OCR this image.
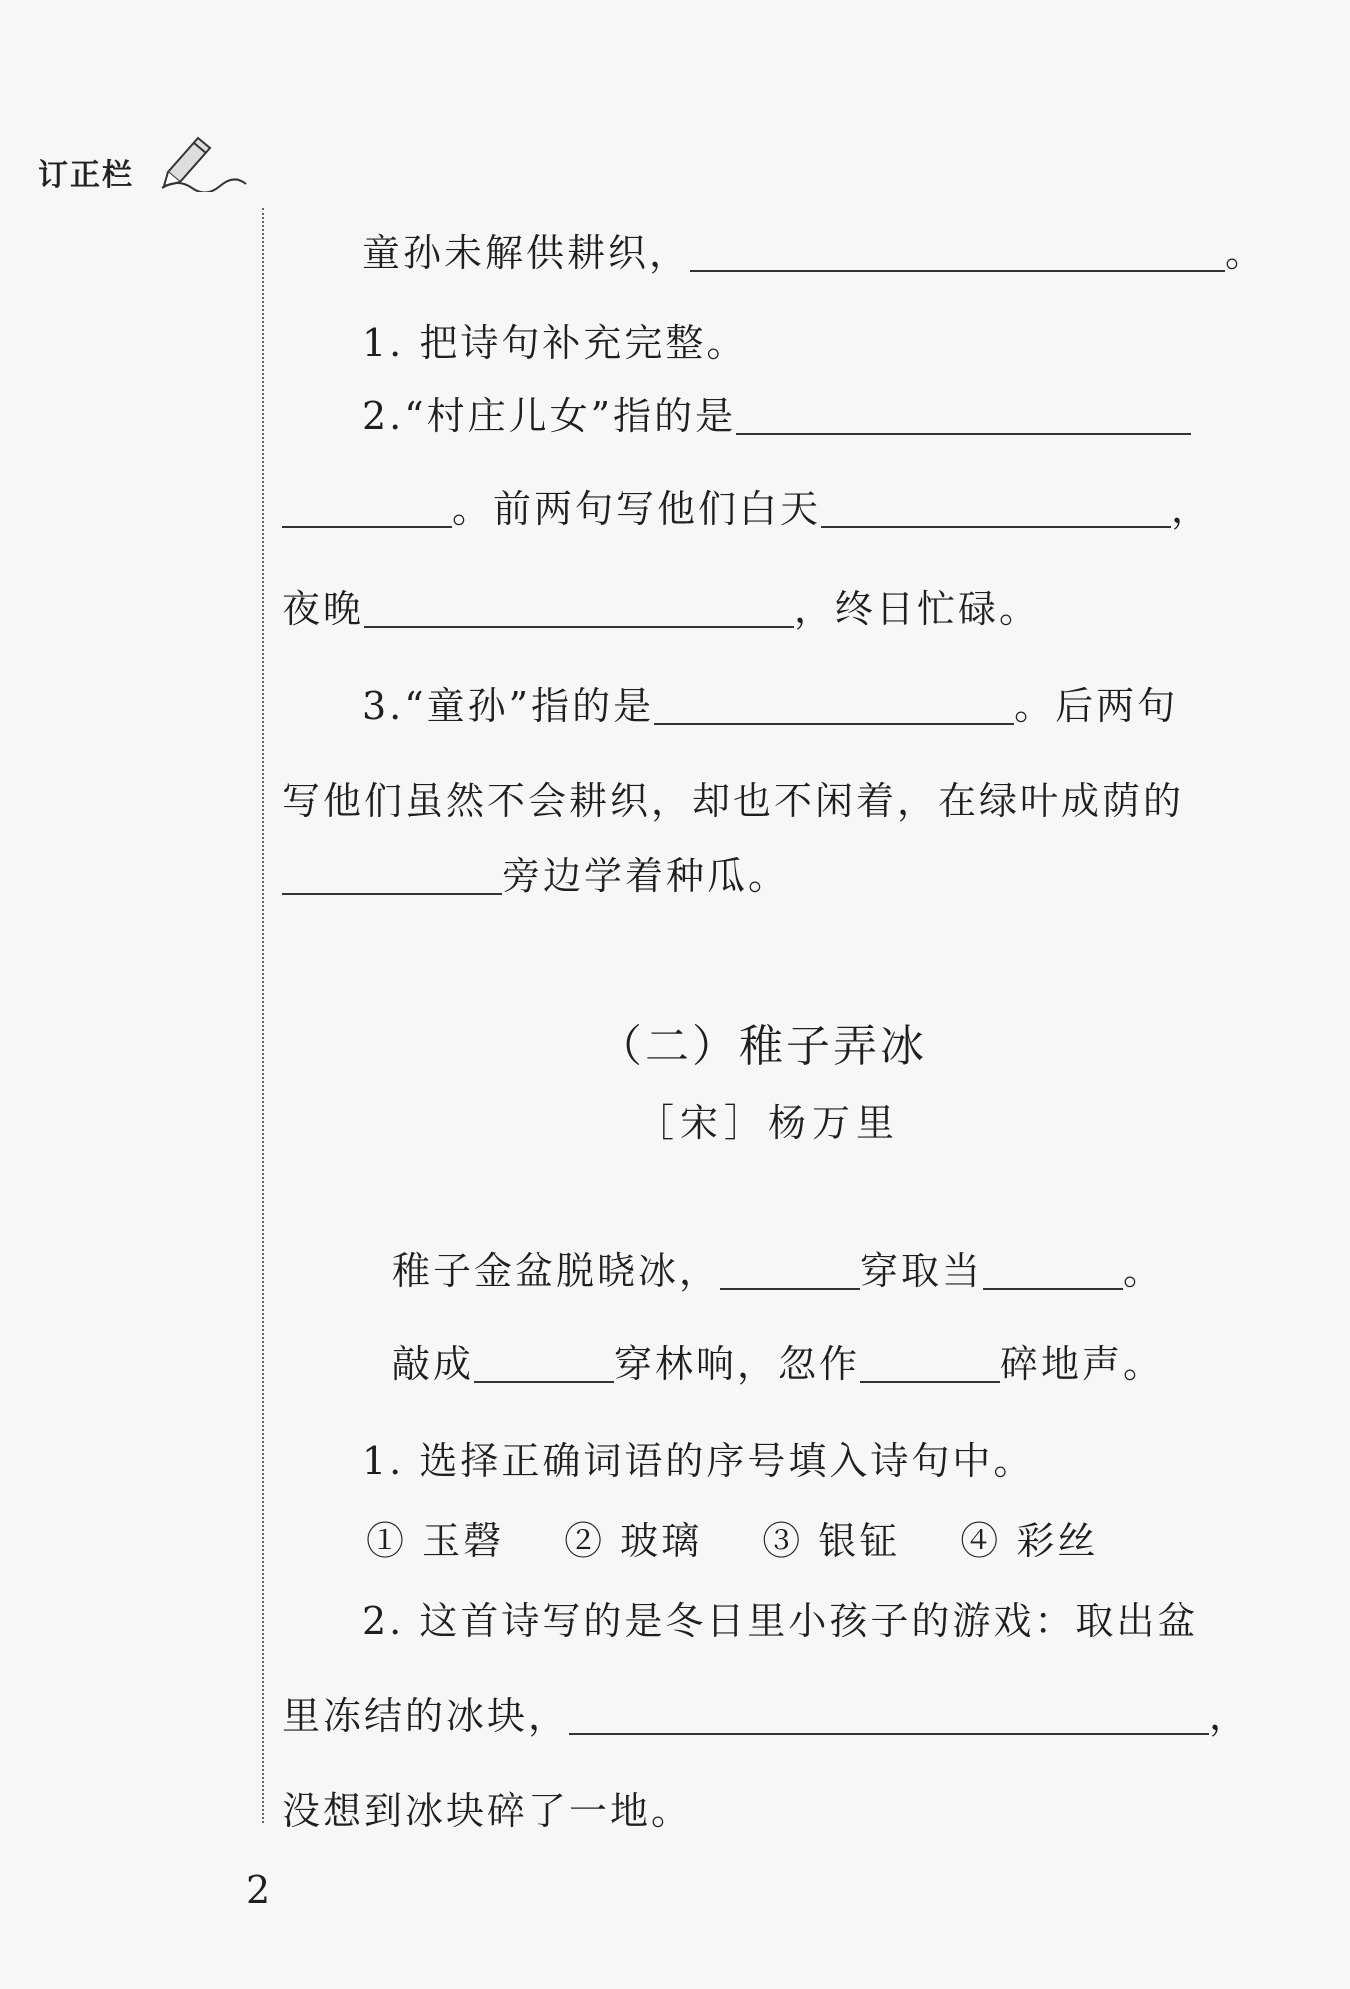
订正栏
童孙未解供耕织，	。
1. 把诗句补充完整。
2.“村庄儿女”指的是
。前两句写他们白天	，
夜晚	，终日忙碌。
3.“童孙”指的是	。后两句
写他们虽然不会耕织，却也不闲着，在绿叶成荫的
旁边学着种瓜。
（二）稚子弄冰
［宋］杨万里
稚子金盆脱晓冰，	穿取当	。
敲成	穿林响，忽作	碎地声。
1. 选择正确词语的序号填入诗句中。
① 玉磬 ② 玻璃 ③ 银钲 ④ 彩丝
2. 这首诗写的是冬日里小孩子的游戏：取出盆
里冻结的冰块，	，
没想到冰块碎了一地。
2
